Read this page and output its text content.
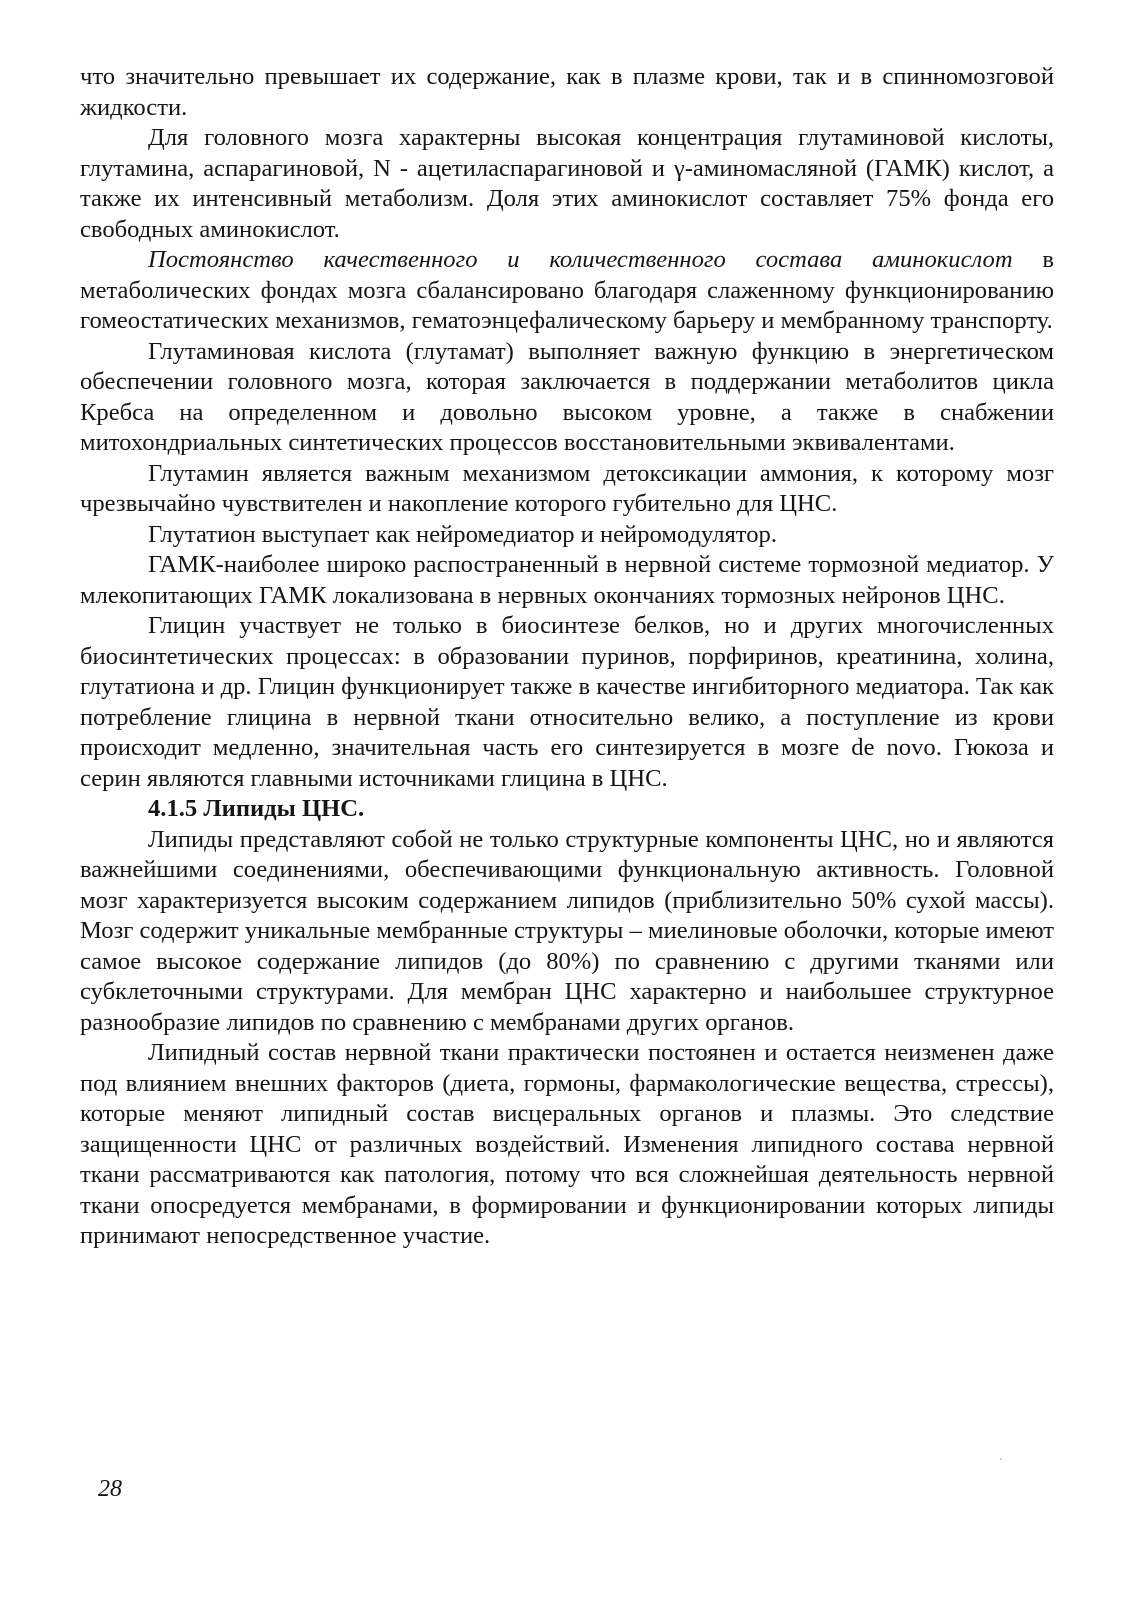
что значительно превышает их содержание, как в плазме крови, так и в спинномозговой жидкости.

Для головного мозга характерны высокая концентрация глутаминовой кислоты, глутамина, аспарагиновой, N - ацетиласпарагиновой и γ-аминомасляной (ГАМК) кислот, а также их интенсивный метаболизм. Доля этих аминокислот составляет 75% фонда его свободных аминокислот.

Постоянство качественного и количественного состава аминокислот в метаболических фондах мозга сбалансировано благодаря слаженному функционированию гомеостатических механизмов, гематоэнцефалическому барьеру и мембранному транспорту.

Глутаминовая кислота (глутамат) выполняет важную функцию в энергетическом обеспечении головного мозга, которая заключается в поддержании метаболитов цикла Кребса на определенном и довольно высоком уровне, а также в снабжении митохондриальных синтетических процессов восстановительными эквивалентами.

Глутамин является важным механизмом детоксикации аммония, к которому мозг чрезвычайно чувствителен и накопление которого губительно для ЦНС.

Глутатион выступает как нейромедиатор и нейромодулятор.

ГАМК-наиболее широко распостраненный в нервной системе тормозной медиатор. У млекопитающих ГАМК локализована в нервных окончаниях тормозных нейронов ЦНС.

Глицин участвует не только в биосинтезе белков, но и других многочисленных биосинтетических процессах: в образовании пуринов, порфиринов, креатинина, холина, глутатиона и др. Глицин функционирует также в качестве ингибиторного медиатора. Так как потребление глицина в нервной ткани относительно велико, а поступление из крови происходит медленно, значительная часть его синтезируется в мозге de novo. Гюкоза и серин являются главными источниками глицина в ЦНС.

4.1.5 Липиды ЦНС.

Липиды представляют собой не только структурные компоненты ЦНС, но и являются важнейшими соединениями, обеспечивающими функциональную активность. Головной мозг характеризуется высоким содержанием липидов (приблизительно 50% сухой массы). Мозг содержит уникальные мембранные структуры – миелиновые оболочки, которые имеют самое высокое содержание липидов (до 80%) по сравнению с другими тканями или субклеточными структурами. Для мембран ЦНС характерно и наибольшее структурное разнообразие липидов по сравнению с мембранами других органов.

Липидный состав нервной ткани практически постоянен и остается неизменен даже под влиянием внешних факторов (диета, гормоны, фармакологические вещества, стрессы), которые меняют липидный состав висцеральных органов и плазмы. Это следствие защищенности ЦНС от различных воздействий. Изменения липидного состава нервной ткани рассматриваются как патология, потому что вся сложнейшая деятельность нервной ткани опосредуется мембранами, в формировании и функционировании которых липиды принимают непосредственное участие.

28
